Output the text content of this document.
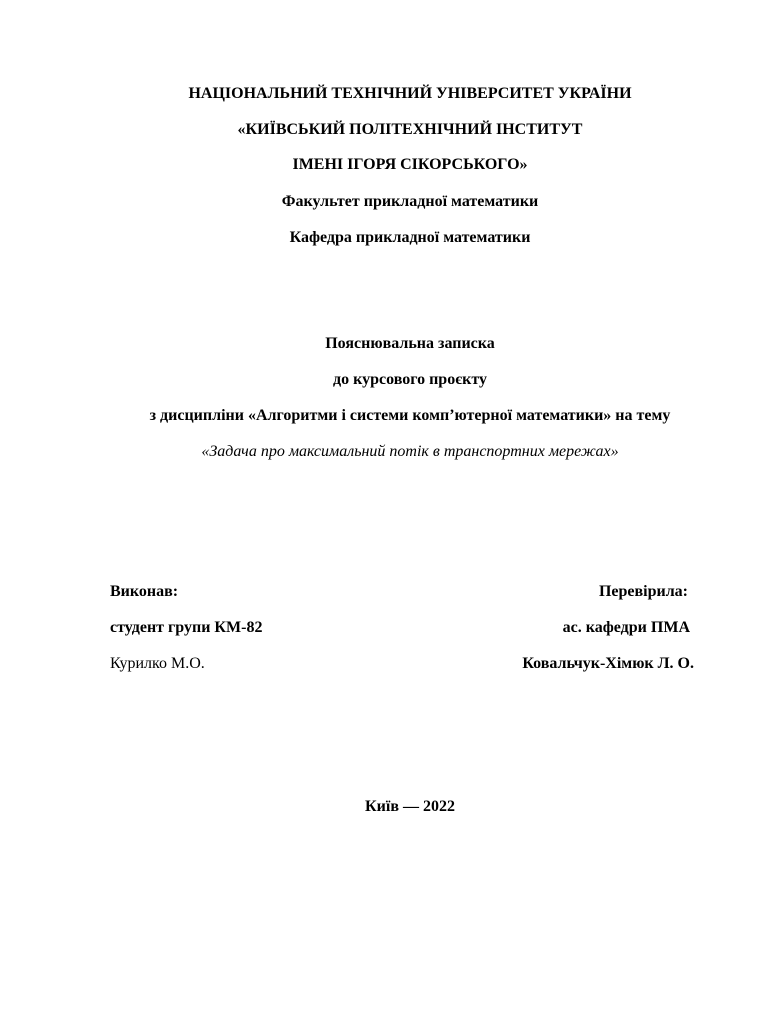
НАЦІОНАЛЬНИЙ ТЕХНІЧНИЙ УНІВЕРСИТЕТ УКРАЇНИ
«КИЇВСЬКИЙ ПОЛІТЕХНІЧНИЙ ІНСТИТУТ
ІМЕНІ ІГОРЯ СІКОРСЬКОГО»
Факультет прикладної математики
Кафедра прикладної математики
Пояснювальна записка
до курсового проєкту
з дисципліни «Алгоритми і системи комп’ютерної математики» на тему
«Задача про максимальний потік в транспортних мережах»
Виконав:
студент групи КМ-82
Курилко М.О.
Перевірила:
ас. кафедри ПМА
Ковальчук-Хімюк Л. О.
Київ — 2022
